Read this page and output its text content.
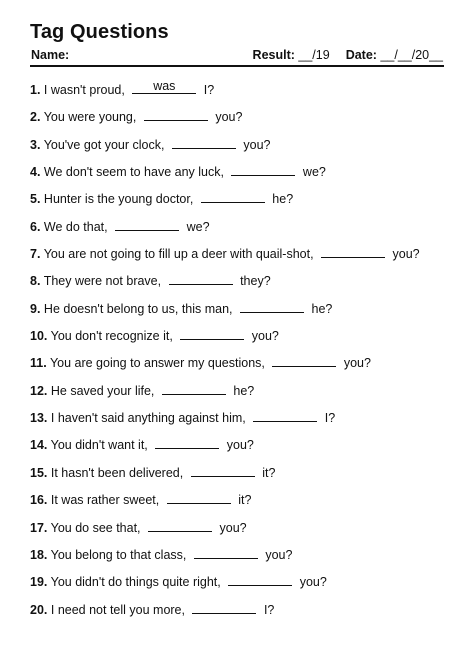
Tag Questions
Name:	Result: __/19 Date: __/__/20__
1. I wasn't proud,	was	I?
2. You were young,	you?
3. You've got your clock,	you?
4. We don't seem to have any luck,	we?
5. Hunter is the young doctor,	he?
6. We do that,	we?
7. You are not going to fill up a deer with quail-shot,	you?
8. They were not brave,	they?
9. He doesn't belong to us, this man,	he?
10. You don't recognize it,	you?
11. You are going to answer my questions,	you?
12. He saved your life,	he?
13. I haven't said anything against him,	I?
14. You didn't want it,	you?
15. It hasn't been delivered,	it?
16. It was rather sweet,	it?
17. You do see that,	you?
18. You belong to that class,	you?
19. You didn't do things quite right,	you?
20. I need not tell you more,	I?
